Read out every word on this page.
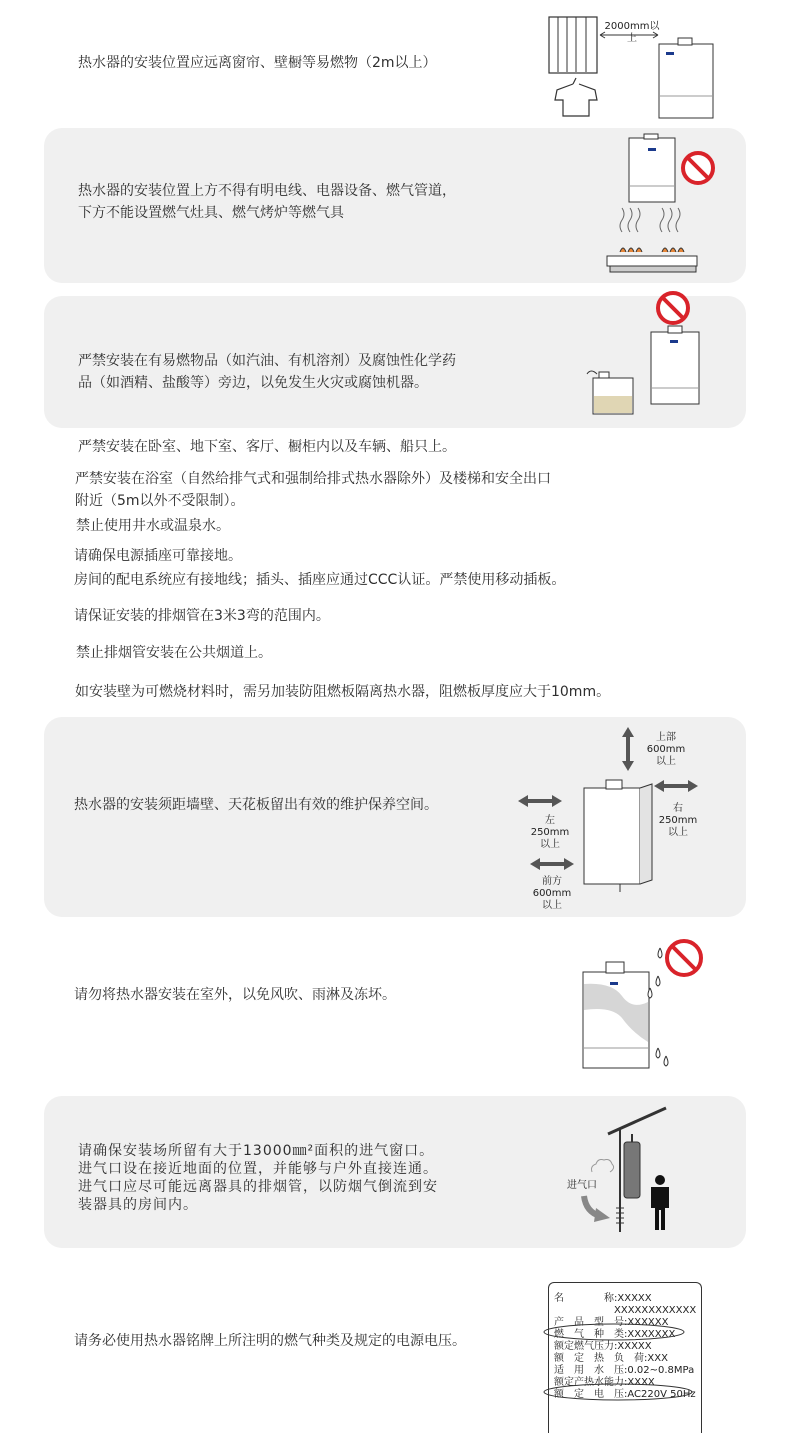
热水器的安装位置应远离窗帘、壁橱等易燃物（2m以上）
2000mm以上
热水器的安装位置上方不得有明电线、电器设备、燃气管道，
下方不能设置燃气灶具、燃气烤炉等燃气具
严禁安装在有易燃物品（如汽油、有机溶剂）及腐蚀性化学药
品（如酒精、盐酸等）旁边，以免发生火灾或腐蚀机器。
严禁安装在卧室、地下室、客厅、橱柜内以及车辆、船只上。
严禁安装在浴室（自然给排气式和强制给排式热水器除外）及楼梯和安全出口
附近（5m以外不受限制）。
禁止使用井水或温泉水。
请确保电源插座可靠接地。
房间的配电系统应有接地线；插头、插座应通过CCC认证。严禁使用移动插板。
请保证安装的排烟管在3米3弯的范围内。
禁止排烟管安装在公共烟道上。
如安装壁为可燃烧材料时，需另加装防阻燃板隔离热水器，阻燃板厚度应大于10mm。
热水器的安装须距墙壁、天花板留出有效的维护保养空间。
上部
600mm
以上
左
250mm
以上
右
250mm
以上
前方
600mm
以上
请勿将热水器安装在室外，以免风吹、雨淋及冻坏。
请确保安装场所留有大于13000㎜²面积的进气窗口。
进气口设在接近地面的位置，并能够与户外直接连通。
进气口应尽可能远离器具的排烟管，以防烟气倒流到安
装器具的房间内。
进气口
请务必使用热水器铭牌上所注明的燃气种类及规定的电源电压。
名　　　　称:XXXXX
　　　　　　XXXXXXXXXXXX
产　品　型　号:XXXXXX
燃　气　种　类:XXXXXXX
额定燃气压力:XXXXX
额　定　热　负　荷:XXX
适　用　水　压:0.02~0.8MPa
额定产热水能力:XXXX
额　定　电　压:AC220V 50Hz
